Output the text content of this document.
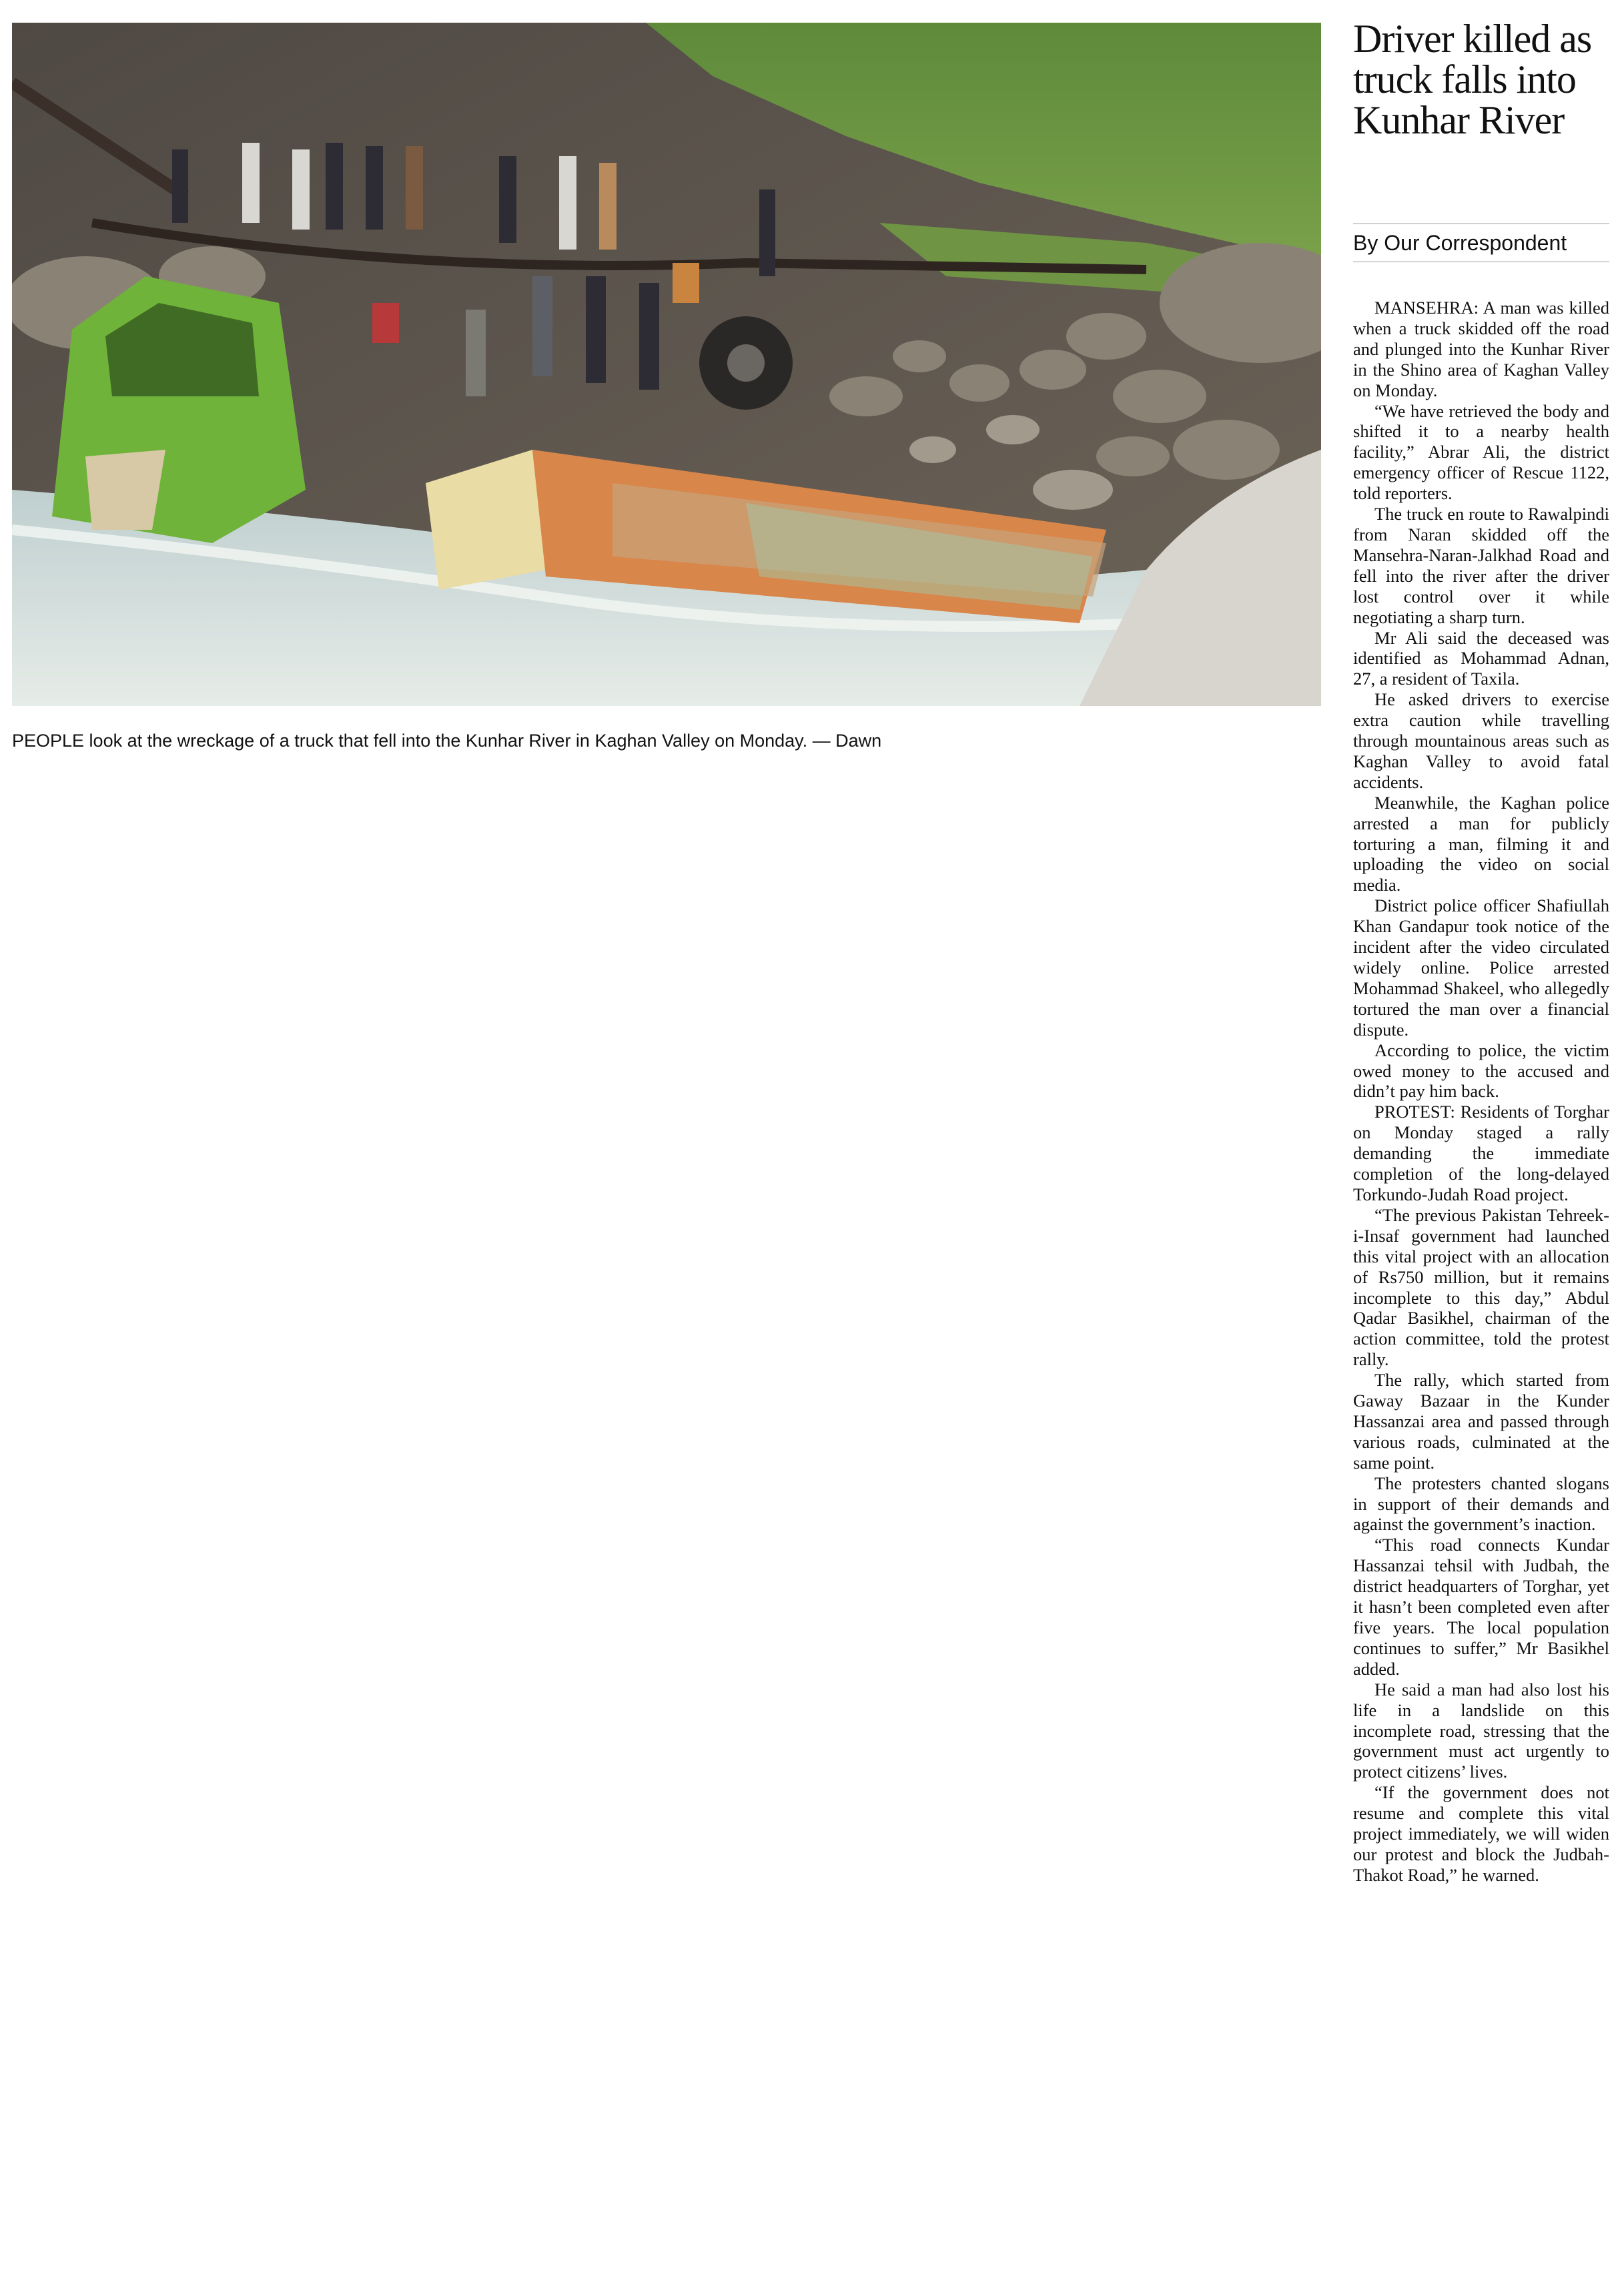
PEOPLE look at the wreckage of a truck that fell into the Kunhar River in Kaghan Valley on Monday. — Dawn
Driver killed as truck falls into Kunhar River
By Our Correspondent

MANSEHRA: A man was killed when a truck skidded off the road and plunged into the Kunhar River in the Shino area of Kaghan Valley on Monday.

“We have retrieved the body and shifted it to a nearby health facility,” Abrar Ali, the district emergency officer of Rescue 1122, told reporters.

The truck en route to Rawalpindi from Naran skidded off the Mansehra-Naran-Jalkhad Road and fell into the river after the driver lost control over it while negotiating a sharp turn.

Mr Ali said the deceased was identified as Mohammad Adnan, 27, a resident of Taxila.

He asked drivers to exercise extra caution while travelling through mountainous areas such as Kaghan Valley to avoid fatal accidents.

Meanwhile, the Kaghan police arrested a man for publicly torturing a man, filming it and uploading the video on social media.

District police officer Shafiullah Khan Gandapur took notice of the incident after the video circulated widely online. Police arrested Mohammad Shakeel, who allegedly tortured the man over a financial dispute.

According to police, the victim owed money to the accused and didn’t pay him back.

PROTEST: Residents of Torghar on Monday staged a rally demanding the immediate completion of the long-delayed Torkundo-Judah Road project.

“The previous Pakistan Tehreek-i-Insaf government had launched this vital project with an allocation of Rs750 million, but it remains incomplete to this day,” Abdul Qadar Basikhel, chairman of the action committee, told the protest rally.

The rally, which started from Gaway Bazaar in the Kunder Hassanzai area and passed through various roads, culminated at the same point.

The protesters chanted slogans in support of their demands and against the government’s inaction.

“This road connects Kundar Hassanzai tehsil with Judbah, the district headquarters of Torghar, yet it hasn’t been completed even after five years. The local population continues to suffer,” Mr Basikhel added.

He said a man had also lost his life in a landslide on this incomplete road, stressing that the government must act urgently to protect citizens’ lives.

“If the government does not resume and complete this vital project immediately, we will widen our protest and block the Judbah-Thakot Road,” he warned.
